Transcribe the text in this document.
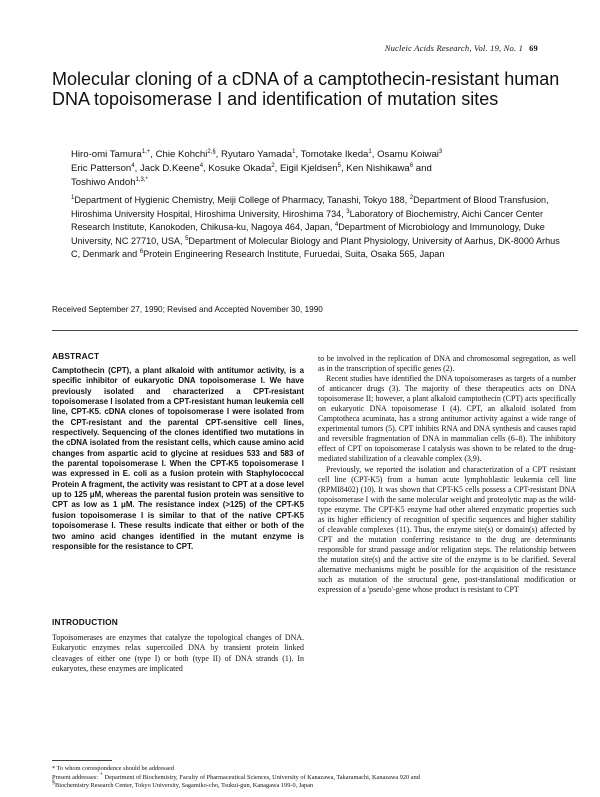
Nucleic Acids Research, Vol. 19, No. 1 69
Molecular cloning of a cDNA of a camptothecin-resistant human DNA topoisomerase I and identification of mutation sites
Hiro-omi Tamura$^{1,+}$, Chie Kohchi$^{2,\S}$, Ryutaro Yamada$^1$, Tomotake Ikeda$^1$, Osamu Koiwai$^3$
Eric Patterson$^4$, Jack D.Keene$^4$, Kosuke Okada$^2$, Eigil Kjeldsen$^5$, Ken Nishikawa$^6$ and
Toshiwo Andoh$^{1,3,*}$
$^1$Department of Hygienic Chemistry, Meiji College of Pharmacy, Tanashi, Tokyo 188, $^2$Department of Blood Transfusion, Hiroshima University Hospital, Hiroshima University, Hiroshima 734, $^3$Laboratory of Biochemistry, Aichi Cancer Center Research Institute, Kanokoden, Chikusa-ku, Nagoya 464, Japan, $^4$Department of Microbiology and Immunology, Duke University, NC 27710, USA, $^5$Department of Molecular Biology and Plant Physiology, University of Aarhus, DK-8000 Arhus C, Denmark and $^6$Protein Engineering Research Institute, Furuedai, Suita, Osaka 565, Japan
Received September 27, 1990; Revised and Accepted November 30, 1990
ABSTRACT
Camptothecin (CPT), a plant alkaloid with antitumor activity, is a specific inhibitor of eukaryotic DNA topoisomerase I. We have previously isolated and characterized a CPT-resistant topoisomerase I isolated from a CPT-resistant human leukemia cell line, CPT-K5. cDNA clones of topoisomerase I were isolated from the CPT-resistant and the parental CPT-sensitive cell lines, respectively. Sequencing of the clones identified two mutations in the cDNA isolated from the resistant cells, which cause amino acid changes from aspartic acid to glycine at residues 533 and 583 of the parental topoisomerase I. When the CPT-K5 topoisomerase I was expressed in E. coli as a fusion protein with Staphylococcal Protein A fragment, the activity was resistant to CPT at a dose level up to 125 μM, whereas the parental fusion protein was sensitive to CPT as low as 1 μM. The resistance index (>125) of the CPT-K5 fusion topoisomerase I is similar to that of the native CPT-K5 topoisomerase I. These results indicate that either or both of the two amino acid changes identified in the mutant enzyme is responsible for the resistance to CPT.
INTRODUCTION
Topoisomerases are enzymes that catalyze the topological changes of DNA. Eukaryotic enzymes relax supercoiled DNA by transient protein linked cleavages of either one (type I) or both (type II) of DNA strands (1). In eukaryotes, these enzymes are implicated

to be involved in the replication of DNA and chromosomal segregation, as well as in the transcription of specific genes (2).

Recent studies have identified the DNA topoisomerases as targets of a number of anticancer drugs (3). The majority of these therapeutics acts on DNA topoisomerase II; however, a plant alkaloid camptothecin (CPT) acts specifically on eukaryotic DNA topoisomerase I (4). CPT, an alkaloid isolated from Camptotheca acuminata, has a strong antitumor activity against a wide range of experimental tumors (5). CPT inhibits RNA and DNA synthesis and causes rapid and reversible fragmentation of DNA in mammalian cells (6–8). The inhibitory effect of CPT on topoisomerase I catalysis was shown to be related to the drug-mediated stabilization of a cleavable complex (3,9).

Previously, we reported the isolation and characterization of a CPT resistant cell line (CPT-K5) from a human acute lymphoblastic leukemia cell line (RPMI8402) (10). It was shown that CPT-K5 cells possess a CPT-resistant DNA topoisomerase I with the same molecular weight and proteolytic map as the wild-type enzyme. The CPT-K5 enzyme had other altered enzymatic properties such as its higher efficiency of recognition of specific sequences and higher stability of cleavable complexes (11). Thus, the enzyme site(s) or domain(s) affected by CPT and the mutation conferring resistance to the drug are determinants responsible for strand passage and/or religation steps. The relationship between the mutation site(s) and the active site of the enzyme is to be clarified. Several alternative mechanisms might be possible for the acquisition of the resistance such as mutation of the structural gene, post-translational modification or expression of a 'pseudo'-gene whose product is resistant to CPT

* To whom correspondence should be addressed
Present addresses: + Department of Biochemistry, Faculty of Pharmaceutical Sciences, University of Kanazawa, Takaramachi, Kanazawa 920 and
§Biochemistry Research Center, Tokyo University, Sagamiko-cho, Tsukui-gun, Kanagawa 199-0, Japan
